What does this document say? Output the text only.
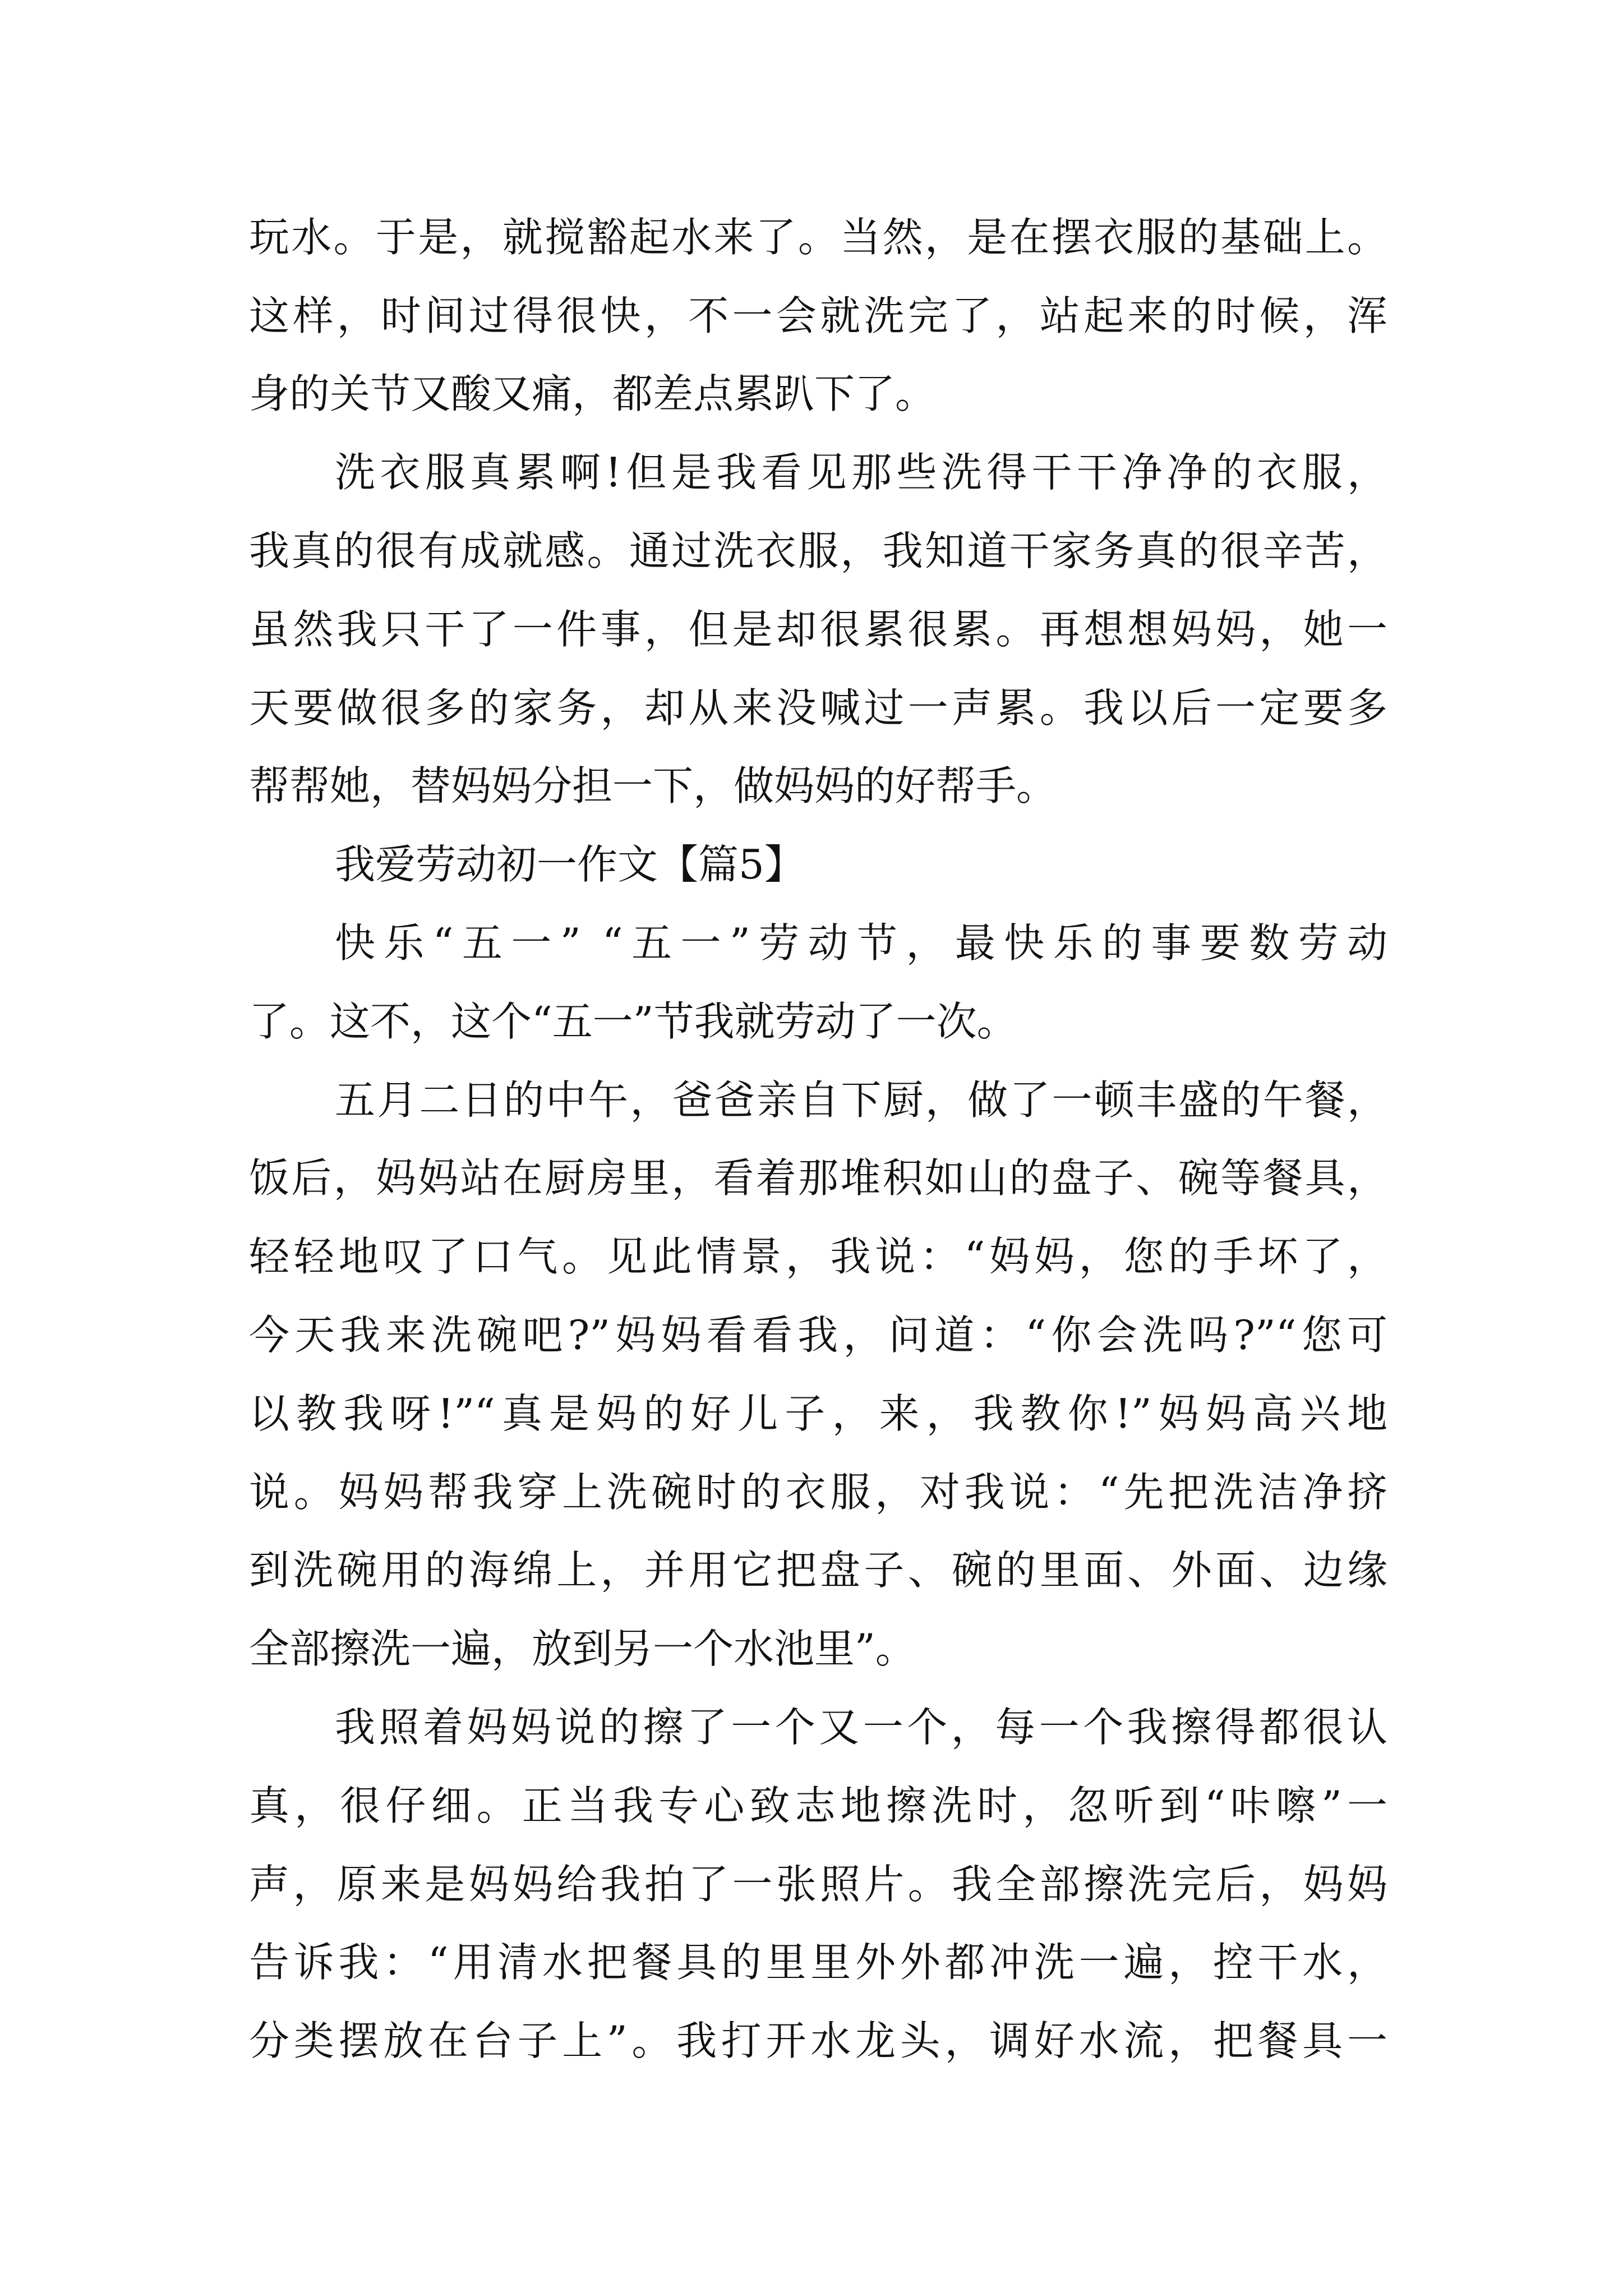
玩水。于是，就搅豁起水来了。当然，是在摆衣服的基础上。
这样，时间过得很快，不一会就洗完了，站起来的时候，浑
身的关节又酸又痛，都差点累趴下了。
洗衣服真累啊!但是我看见那些洗得干干净净的衣服，
我真的很有成就感。通过洗衣服，我知道干家务真的很辛苦，
虽然我只干了一件事，但是却很累很累。再想想妈妈，她一
天要做很多的家务，却从来没喊过一声累。我以后一定要多
帮帮她，替妈妈分担一下，做妈妈的好帮手。
我爱劳动初一作文【篇5】
快乐“五一” “五一”劳动节，最快乐的事要数劳动
了。这不，这个“五一”节我就劳动了一次。
五月二日的中午，爸爸亲自下厨，做了一顿丰盛的午餐，
饭后，妈妈站在厨房里，看着那堆积如山的盘子、碗等餐具，
轻轻地叹了口气。见此情景，我说：“妈妈，您的手坏了，
今天我来洗碗吧?”妈妈看看我，问道：“你会洗吗?”“您可
以教我呀!”“真是妈的好儿子，来，我教你!”妈妈高兴地
说。妈妈帮我穿上洗碗时的衣服，对我说：“先把洗洁净挤
到洗碗用的海绵上，并用它把盘子、碗的里面、外面、边缘
全部擦洗一遍，放到另一个水池里”。
我照着妈妈说的擦了一个又一个，每一个我擦得都很认
真，很仔细。正当我专心致志地擦洗时，忽听到“咔嚓”一
声，原来是妈妈给我拍了一张照片。我全部擦洗完后，妈妈
告诉我：“用清水把餐具的里里外外都冲洗一遍，控干水，
分类摆放在台子上”。我打开水龙头，调好水流，把餐具一
